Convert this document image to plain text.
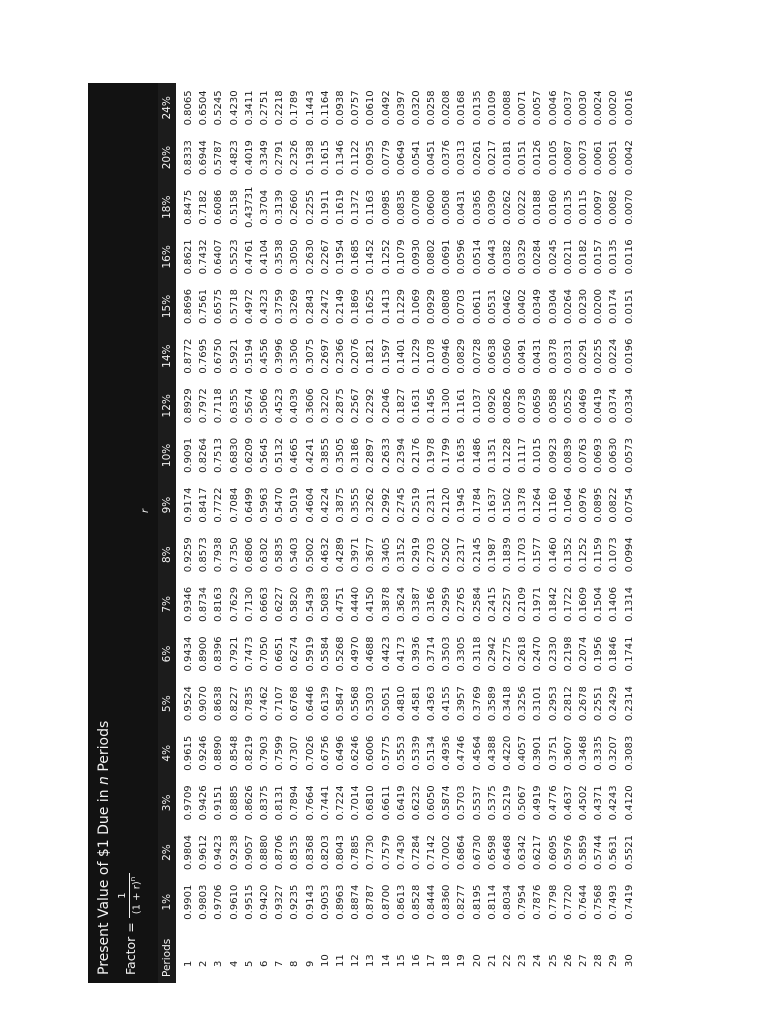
Present Value of $1 Due in n Periods
Factor =
1 $(1 + r)^n$
r
Periods	1%	2%	3%	4%	5%	6%	7%	8%	9%	10%	12%	14%	15%	16%	18%	20%	24%
1	0.9901	0.9804	0.9709	0.9615	0.9524	0.9434	0.9346	0.9259	0.9174	0.9091	0.8929	0.8772	0.8696	0.8621	0.8475	0.8333	0.8065
2	0.9803	0.9612	0.9426	0.9246	0.9070	0.8900	0.8734	0.8573	0.8417	0.8264	0.7972	0.7695	0.7561	0.7432	0.7182	0.6944	0.6504
3	0.9706	0.9423	0.9151	0.8890	0.8638	0.8396	0.8163	0.7938	0.7722	0.7513	0.7118	0.6750	0.6575	0.6407	0.6086	0.5787	0.5245
4	0.9610	0.9238	0.8885	0.8548	0.8227	0.7921	0.7629	0.7350	0.7084	0.6830	0.6355	0.5921	0.5718	0.5523	0.5158	0.4823	0.4230
5	0.9515	0.9057	0.8626	0.8219	0.7835	0.7473	0.7130	0.6806	0.6499	0.6209	0.5674	0.5194	0.4972	0.4761	0.43731	0.4019	0.3411
6	0.9420	0.8880	0.8375	0.7903	0.7462	0.7050	0.6663	0.6302	0.5963	0.5645	0.5066	0.4556	0.4323	0.4104	0.3704	0.3349	0.2751
7	0.9327	0.8706	0.8131	0.7599	0.7107	0.6651	0.6227	0.5835	0.5470	0.5132	0.4523	0.3996	0.3759	0.3538	0.3139	0.2791	0.2218
8	0.9235	0.8535	0.7894	0.7307	0.6768	0.6274	0.5820	0.5403	0.5019	0.4665	0.4039	0.3506	0.3269	0.3050	0.2660	0.2326	0.1789
9	0.9143	0.8368	0.7664	0.7026	0.6446	0.5919	0.5439	0.5002	0.4604	0.4241	0.3606	0.3075	0.2843	0.2630	0.2255	0.1938	0.1443
10	0.9053	0.8203	0.7441	0.6756	0.6139	0.5584	0.5083	0.4632	0.4224	0.3855	0.3220	0.2697	0.2472	0.2267	0.1911	0.1615	0.1164
11	0.8963	0.8043	0.7224	0.6496	0.5847	0.5268	0.4751	0.4289	0.3875	0.3505	0.2875	0.2366	0.2149	0.1954	0.1619	0.1346	0.0938
12	0.8874	0.7885	0.7014	0.6246	0.5568	0.4970	0.4440	0.3971	0.3555	0.3186	0.2567	0.2076	0.1869	0.1685	0.1372	0.1122	0.0757
13	0.8787	0.7730	0.6810	0.6006	0.5303	0.4688	0.4150	0.3677	0.3262	0.2897	0.2292	0.1821	0.1625	0.1452	0.1163	0.0935	0.0610
14	0.8700	0.7579	0.6611	0.5775	0.5051	0.4423	0.3878	0.3405	0.2992	0.2633	0.2046	0.1597	0.1413	0.1252	0.0985	0.0779	0.0492
15	0.8613	0.7430	0.6419	0.5553	0.4810	0.4173	0.3624	0.3152	0.2745	0.2394	0.1827	0.1401	0.1229	0.1079	0.0835	0.0649	0.0397
16	0.8528	0.7284	0.6232	0.5339	0.4581	0.3936	0.3387	0.2919	0.2519	0.2176	0.1631	0.1229	0.1069	0.0930	0.0708	0.0541	0.0320
17	0.8444	0.7142	0.6050	0.5134	0.4363	0.3714	0.3166	0.2703	0.2311	0.1978	0.1456	0.1078	0.0929	0.0802	0.0600	0.0451	0.0258
18	0.8360	0.7002	0.5874	0.4936	0.4155	0.3503	0.2959	0.2502	0.2120	0.1799	0.1300	0.0946	0.0808	0.0691	0.0508	0.0376	0.0208
19	0.8277	0.6864	0.5703	0.4746	0.3957	0.3305	0.2765	0.2317	0.1945	0.1635	0.1161	0.0829	0.0703	0.0596	0.0431	0.0313	0.0168
20	0.8195	0.6730	0.5537	0.4564	0.3769	0.3118	0.2584	0.2145	0.1784	0.1486	0.1037	0.0728	0.0611	0.0514	0.0365	0.0261	0.0135
21	0.8114	0.6598	0.5375	0.4388	0.3589	0.2942	0.2415	0.1987	0.1637	0.1351	0.0926	0.0638	0.0531	0.0443	0.0309	0.0217	0.0109
22	0.8034	0.6468	0.5219	0.4220	0.3418	0.2775	0.2257	0.1839	0.1502	0.1228	0.0826	0.0560	0.0462	0.0382	0.0262	0.0181	0.0088
23	0.7954	0.6342	0.5067	0.4057	0.3256	0.2618	0.2109	0.1703	0.1378	0.1117	0.0738	0.0491	0.0402	0.0329	0.0222	0.0151	0.0071
24	0.7876	0.6217	0.4919	0.3901	0.3101	0.2470	0.1971	0.1577	0.1264	0.1015	0.0659	0.0431	0.0349	0.0284	0.0188	0.0126	0.0057
25	0.7798	0.6095	0.4776	0.3751	0.2953	0.2330	0.1842	0.1460	0.1160	0.0923	0.0588	0.0378	0.0304	0.0245	0.0160	0.0105	0.0046
26	0.7720	0.5976	0.4637	0.3607	0.2812	0.2198	0.1722	0.1352	0.1064	0.0839	0.0525	0.0331	0.0264	0.0211	0.0135	0.0087	0.0037
27	0.7644	0.5859	0.4502	0.3468	0.2678	0.2074	0.1609	0.1252	0.0976	0.0763	0.0469	0.0291	0.0230	0.0182	0.0115	0.0073	0.0030
28	0.7568	0.5744	0.4371	0.3335	0.2551	0.1956	0.1504	0.1159	0.0895	0.0693	0.0419	0.0255	0.0200	0.0157	0.0097	0.0061	0.0024
29	0.7493	0.5631	0.4243	0.3207	0.2429	0.1846	0.1406	0.1073	0.0822	0.0630	0.0374	0.0224	0.0174	0.0135	0.0082	0.0051	0.0020
30	0.7419	0.5521	0.4120	0.3083	0.2314	0.1741	0.1314	0.0994	0.0754	0.0573	0.0334	0.0196	0.0151	0.0116	0.0070	0.0042	0.0016
